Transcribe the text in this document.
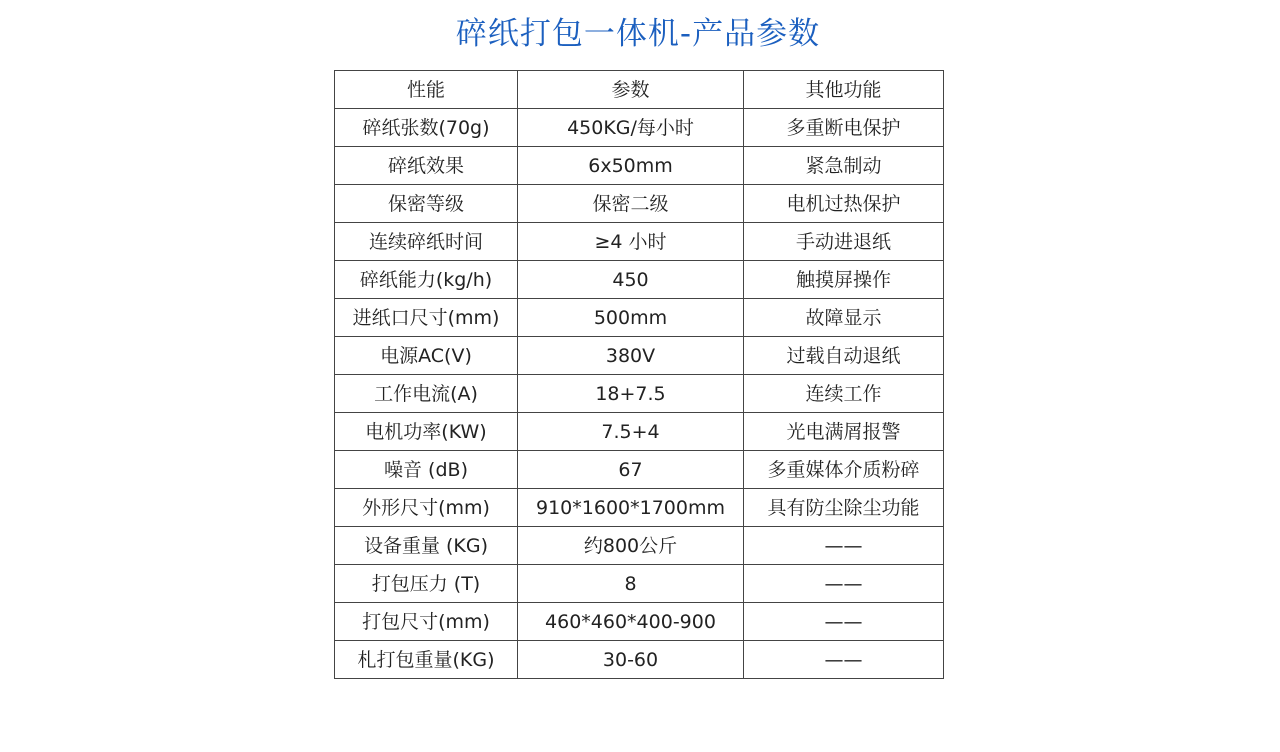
碎纸打包一体机-产品参数
性能	参数	其他功能
碎纸张数(70g)	450KG/每小时	多重断电保护
碎纸效果	6x50mm	紧急制动
保密等级	保密二级	电机过热保护
连续碎纸时间	≥4 小时	手动进退纸
碎纸能力(kg/h)	450	触摸屏操作
进纸口尺寸(mm)	500mm	故障显示
电源AC(V)	380V	过载自动退纸
工作电流(A)	18+7.5	连续工作
电机功率(KW)	7.5+4	光电满屑报警
噪音 (dB)	67	多重媒体介质粉碎
外形尺寸(mm)	910*1600*1700mm	具有防尘除尘功能
设备重量 (KG)	约800公斤	——
打包压力 (T)	8	——
打包尺寸(mm)	460*460*400-900	——
札打包重量(KG)	30-60	——
